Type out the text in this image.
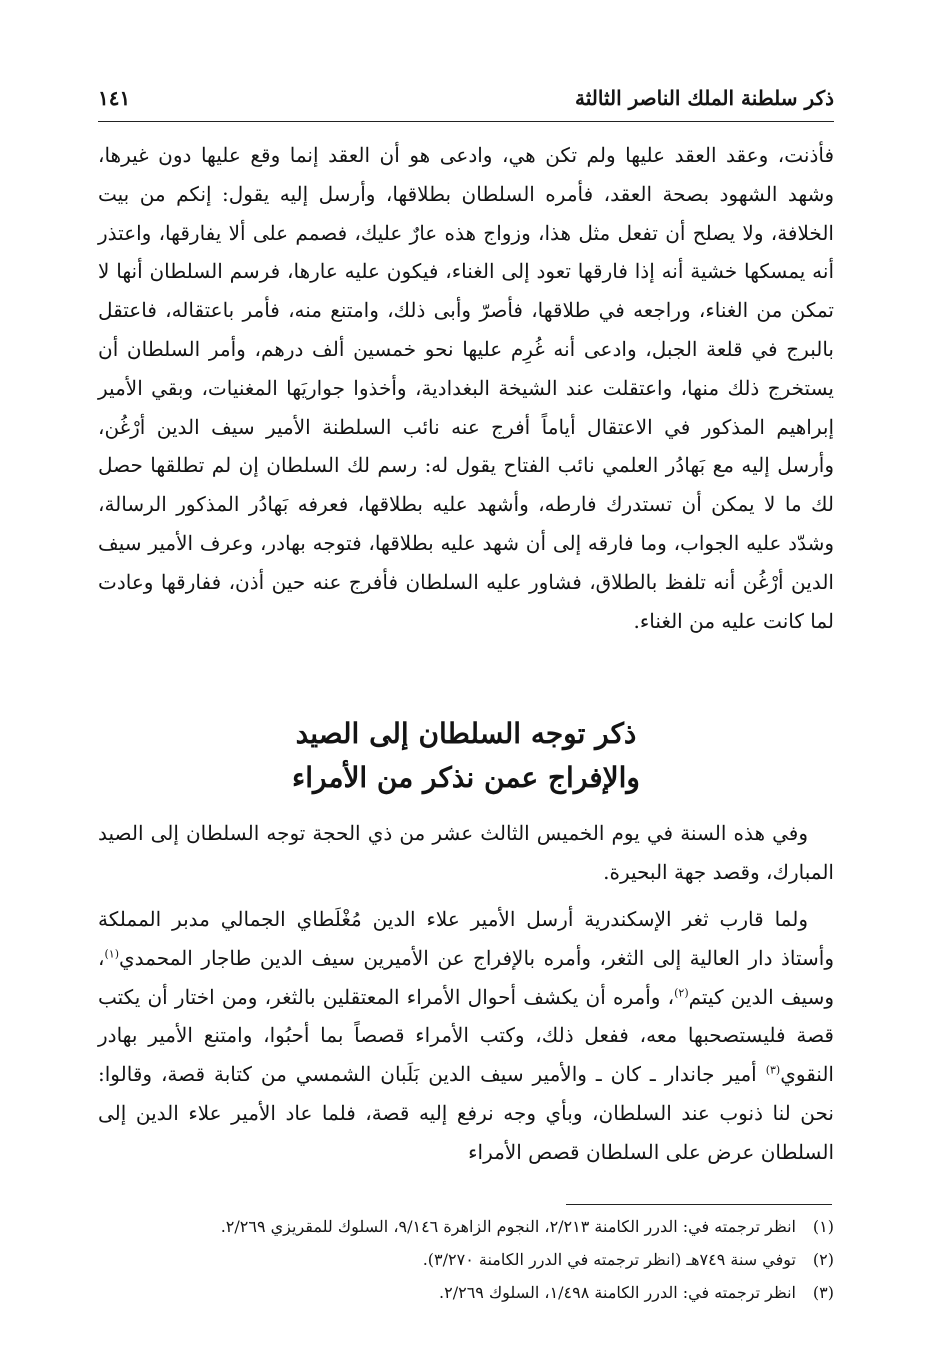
ذكر سلطنة الملك الناصر الثالثة
١٤١

فأذنت، وعقد العقد عليها ولم تكن هي، وادعى هو أن العقد إنما وقع عليها دون غيرها، وشهد الشهود بصحة العقد، فأمره السلطان بطلاقها، وأرسل إليه يقول: إنكم من بيت الخلافة، ولا يصلح أن تفعل مثل هذا، وزواج هذه عارٌ عليك، فصمم على ألا يفارقها، واعتذر أنه يمسكها خشية أنه إذا فارقها تعود إلى الغناء، فيكون عليه عارها، فرسم السلطان أنها لا تمكن من الغناء، وراجعه في طلاقها، فأصرّ وأبى ذلك، وامتنع منه، فأمر باعتقاله، فاعتقل بالبرج في قلعة الجبل، وادعى أنه غُرِم عليها نحو خمسين ألف درهم، وأمر السلطان أن يستخرج ذلك منها، واعتقلت عند الشيخة البغدادية، وأخذوا جواريَها المغنيات، وبقي الأمير إبراهيم المذكور في الاعتقال أياماً أفرج عنه نائب السلطنة الأمير سيف الدين أرْغُن، وأرسل إليه مع بَهادُر العلمي نائب الفتاح يقول له: رسم لك السلطان إن لم تطلقها حصل لك ما لا يمكن أن تستدرك فارطه، وأشهد عليه بطلاقها، فعرفه بَهادُر المذكور الرسالة، وشدّد عليه الجواب، وما فارقه إلى أن شهد عليه بطلاقها، فتوجه بهادر، وعرف الأمير سيف الدين أرْغُن أنه تلفظ بالطلاق، فشاور عليه السلطان فأفرج عنه حين أذن، ففارقها وعادت لما كانت عليه من الغناء.

ذكر توجه السلطان إلى الصيد
والإفراج عمن نذكر من الأمراء

وفي هذه السنة في يوم الخميس الثالث عشر من ذي الحجة توجه السلطان إلى الصيد المبارك، وقصد جهة البحيرة.

ولما قارب ثغر الإسكندرية أرسل الأمير علاء الدين مُغْلَطاي الجمالي مدبر المملكة وأستاذ دار العالية إلى الثغر، وأمره بالإفراج عن الأميرين سيف الدين طاجار المحمدي$^{(١)}$، وسيف الدين كيتم$^{(٢)}$، وأمره أن يكشف أحوال الأمراء المعتقلين بالثغر، ومن اختار أن يكتب قصة فليستصحبها معه، ففعل ذلك، وكتب الأمراء قصصاً بما أحبُوا، وامتنع الأمير بهادر النقوي$^{(٣)}$ أمير جاندار ـ كان ـ والأمير سيف الدين بَلَبان الشمسي من كتابة قصة، وقالوا: نحن لنا ذنوب عند السلطان، وبأي وجه نرفع إليه قصة، فلما عاد الأمير علاء الدين إلى السلطان عرض على السلطان قصص الأمراء

(١)
انظر ترجمته في: الدرر الكامنة ٢/٢١٣، النجوم الزاهرة ٩/١٤٦، السلوك للمقريزي ٢/٢٦٩.
(٢)
توفي سنة ٧٤٩هـ (انظر ترجمته في الدرر الكامنة ٣/٢٧٠).
(٣)
انظر ترجمته في: الدرر الكامنة ١/٤٩٨، السلوك ٢/٢٦٩.
